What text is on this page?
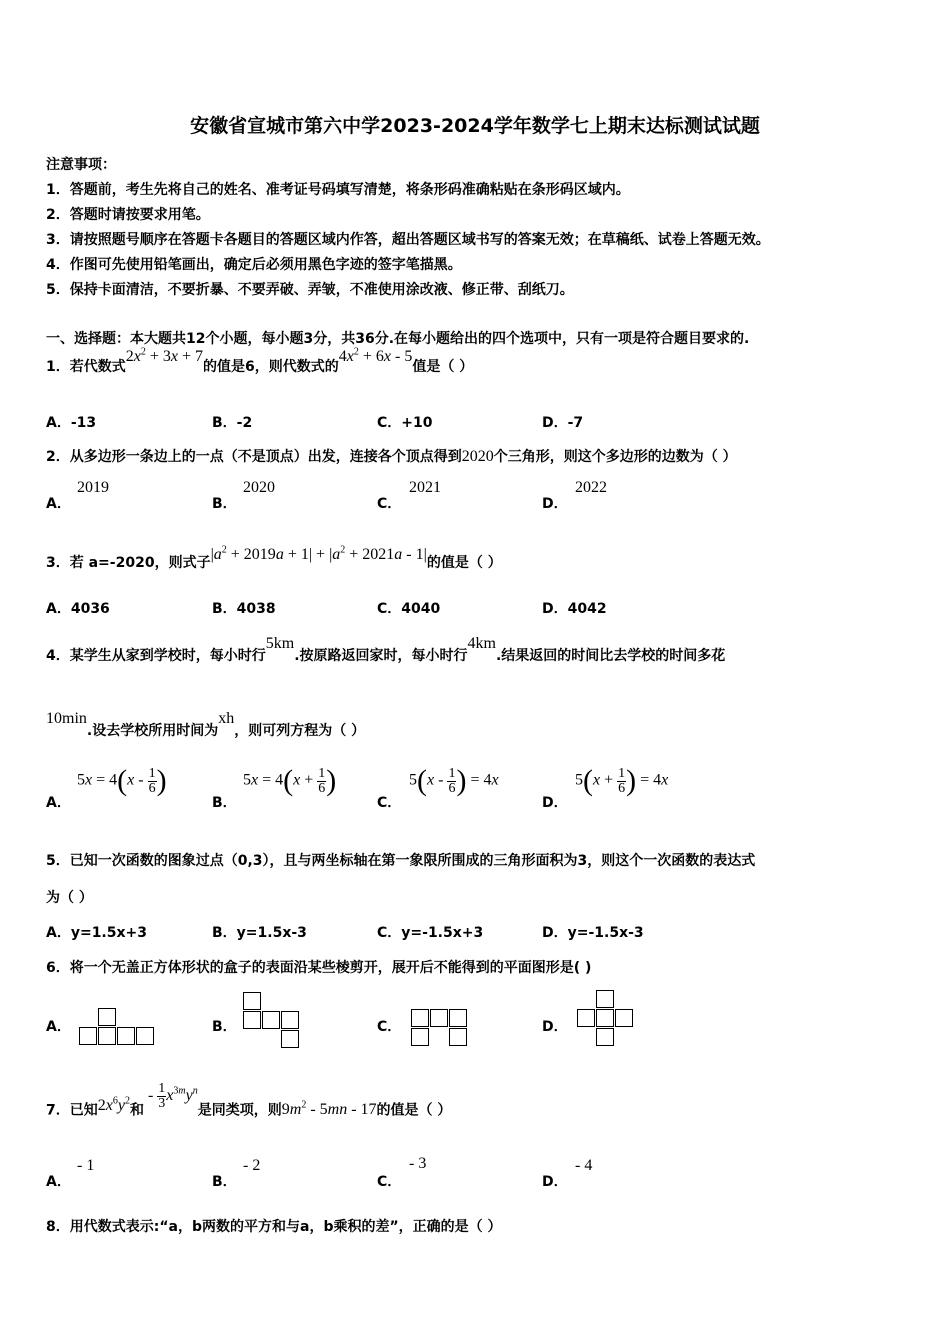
安徽省宣城市第六中学2023-2024学年数学七上期末达标测试试题
注意事项：
1．答题前，考生先将自己的姓名、准考证号码填写清楚，将条形码准确粘贴在条形码区域内。
2．答题时请按要求用笔。
3．请按照题号顺序在答题卡各题目的答题区域内作答，超出答题区域书写的答案无效；在草稿纸、试卷上答题无效。
4．作图可先使用铅笔画出，确定后必须用黑色字迹的签字笔描黑。
5．保持卡面清洁，不要折暴、不要弄破、弄皱，不准使用涂改液、修正带、刮纸刀。
一、选择题：本大题共12个小题，每小题3分，共36分.在每小题给出的四个选项中，只有一项是符合题目要求的.
1．若代数式$2x^2 + 3x + 7$的值是6，则代数式的$4x^2 + 6x - 5$值是（ ）
A．-13	B．-2	C．+10	D．-7
2．从多边形一条边上的一点（不是顶点）出发，连接各个顶点得到2020个三角形，则这个多边形的边数为（ ）
A．
2019
B．
2020
C．
2021
D．
2022
3．若 a=-2020，则式子$|a^2 + 2019a + 1| + |a^2 + 2021a - 1|$的值是（ ）
A．4036	B．4038	C．4040	D．4042
4．某学生从家到学校时，每小时行5km.按原路返回家时，每小时行4km.结果返回的时间比去学校的时间多花
10min.设去学校所用时间为xh，则可列方程为（ ）
A．
$5x = 4(x - \frac{1}{6}$ )
B．
$5x = 4(x + \frac{1}{6}$ )
C．
$5(x - \frac{1}{6}$ ) = 4x
D．
$5(x + \frac{1}{6}$ ) = 4x
5．已知一次函数的图象过点（0,3），且与两坐标轴在第一象限所围成的三角形面积为3，则这个一次函数的表达式
为（ ）
A．y=1.5x+3	B．y=1.5x-3	C．y=-1.5x+3	D．y=-1.5x-3
6．将一个无盖正方体形状的盒子的表面沿某些棱剪开，展开后不能得到的平面图形是( )
A．	B．	C．	D．
7．已知$2x^6y^2$和 - $\frac{1}{3} x^{3m}y^n$是同类项，则$9m^2 - 5mn - 17$的值是（ ）
A．
- 1
B．
- 2
C．
- 3
D．
- 4
8．用代数式表示:“a，b两数的平方和与a，b乘积的差”，正确的是（ ）
